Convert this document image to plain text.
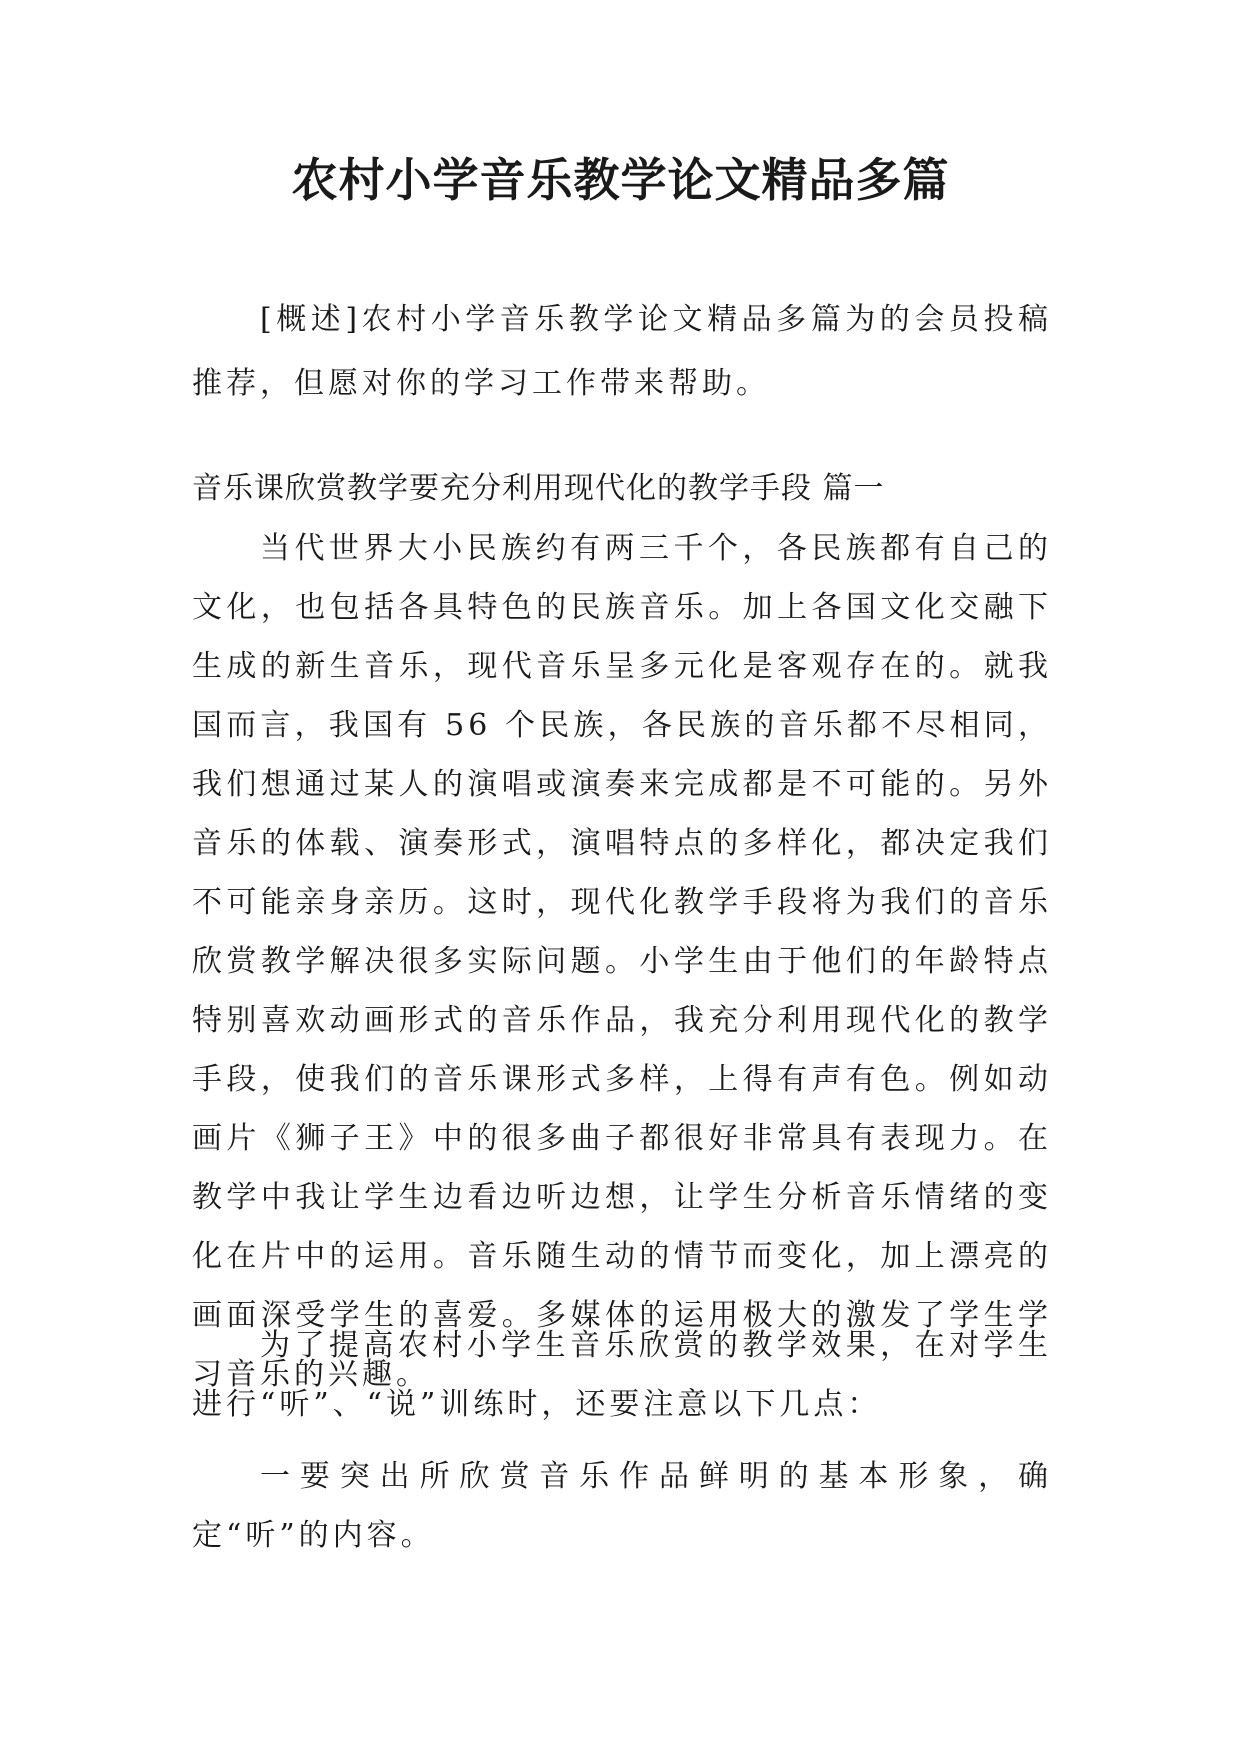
农村小学音乐教学论文精品多篇

[概述]农村小学音乐教学论文精品多篇为的会员投稿推荐，但愿对你的学习工作带来帮助。

音乐课欣赏教学要充分利用现代化的教学手段 篇一

当代世界大小民族约有两三千个，各民族都有自己的文化，也包括各具特色的民族音乐。加上各国文化交融下生成的新生音乐，现代音乐呈多元化是客观存在的。就我国而言，我国有 56 个民族，各民族的音乐都不尽相同，我们想通过某人的演唱或演奏来完成都是不可能的。另外音乐的体载、演奏形式，演唱特点的多样化，都决定我们不可能亲身亲历。这时，现代化教学手段将为我们的音乐欣赏教学解决很多实际问题。小学生由于他们的年龄特点特别喜欢动画形式的音乐作品，我充分利用现代化的教学手段，使我们的音乐课形式多样，上得有声有色。例如动画片《狮子王》中的很多曲子都很好非常具有表现力。在教学中我让学生边看边听边想，让学生分析音乐情绪的变化在片中的运用。音乐随生动的情节而变化，加上漂亮的画面深受学生的喜爱。多媒体的运用极大的激发了学生学习音乐的兴趣。

为了提高农村小学生音乐欣赏的教学效果，在对学生进行“听”、“说”训练时，还要注意以下几点：

一要突出所欣赏音乐作品鲜明的基本形象，确定“听”的内容。
